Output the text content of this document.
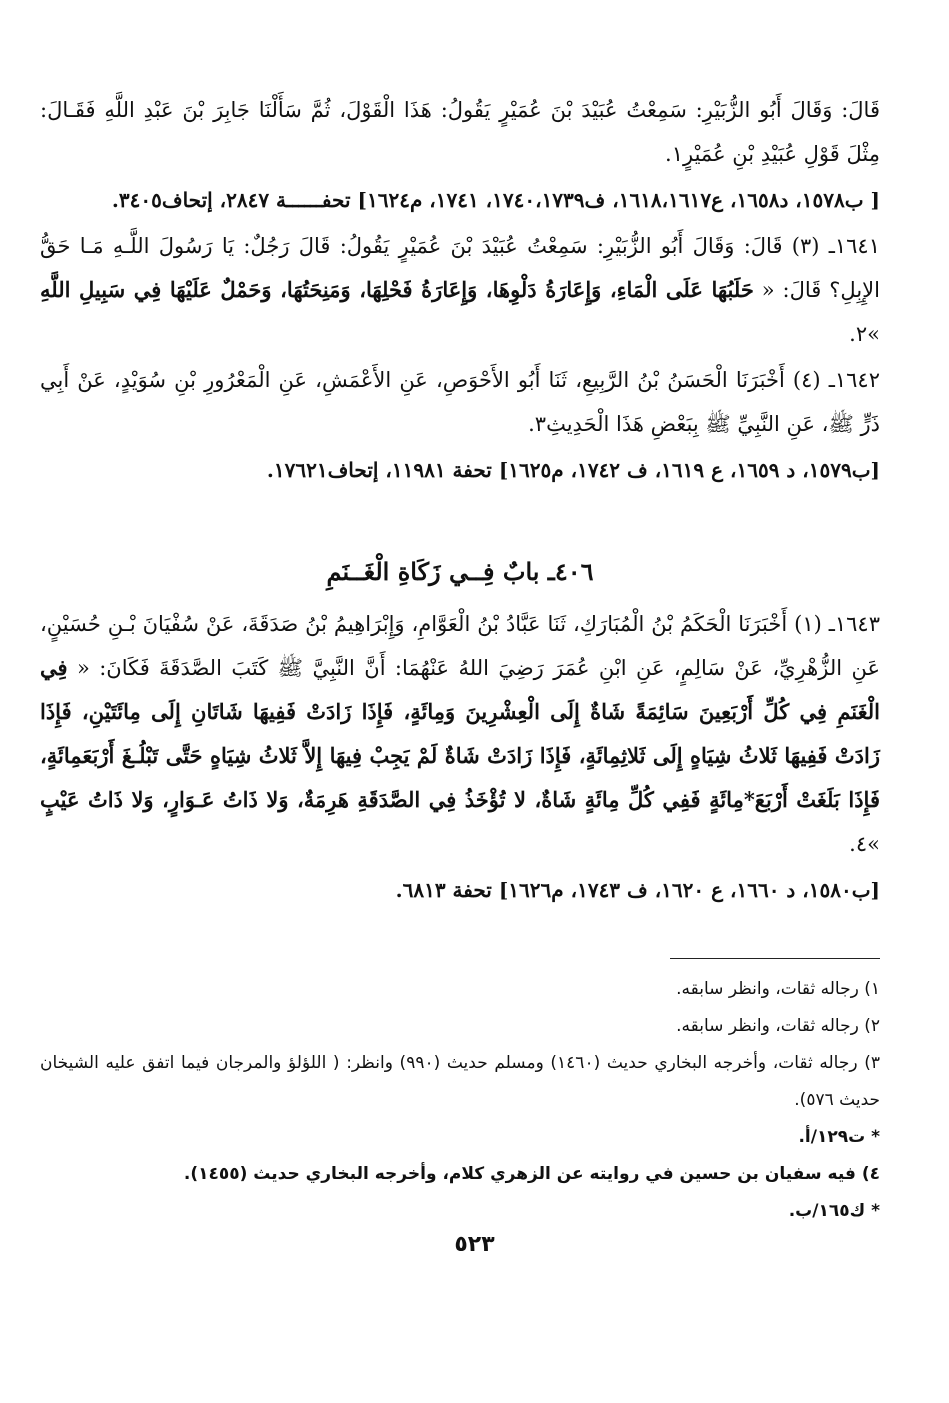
قَالَ: وَقَالَ أَبُو الزُّبَيْرِ: سَمِعْتُ عُبَيْدَ بْنَ عُمَيْرٍ يَقُولُ: هَذَا الْقَوْلَ، ثُمَّ سَأَلْنَا جَابِرَ بْنَ عَبْدِ اللَّهِ فَقَـالَ: مِثْلَ قَوْلِ عُبَيْدِ بْنِ عُمَيْرٍ١.

[ ب١٥٧٨، د١٦٥٨، ع١٦١٨،١٦١٧، ف١٧٤٠،١٧٣٩، ١٧٤١، م١٦٢٤] تحفــــــة ٢٨٤٧، إتحاف٣٤٠٥.

١٦٤١ـ (٣) قَالَ: وَقَالَ أَبُو الزُّبَيْرِ: سَمِعْتُ عُبَيْدَ بْنَ عُمَيْرٍ يَقُولُ: قَالَ رَجُلٌ: يَا رَسُولَ اللَّـهِ مَـا حَقُّ الإِبِلِ؟ قَالَ: « حَلَبُهَا عَلَى الْمَاءِ، وَإِعَارَةُ دَلْوِهَا، وَإِعَارَةُ فَحْلِهَا، وَمَنِحَتُهَا، وَحَمْلٌ عَلَيْهَا فِي سَبِيلِ اللَّهِ »٢.

١٦٤٢ـ (٤) أَخْبَرَنَا الْحَسَنُ بْنُ الرَّبِيعِ، ثَنَا أَبُو الأَحْوَصِ، عَنِ الأَعْمَشِ، عَنِ الْمَعْرُورِ بْنِ سُوَيْدٍ، عَنْ أَبِي ذَرٍّ ﷺ، عَنِ النَّبِيِّ ﷺ بِبَعْضِ هَذَا الْحَدِيثِ٣.

[ب١٥٧٩، د ١٦٥٩، ع ١٦١٩، ف ١٧٤٢، م١٦٢٥] تحفة ١١٩٨١، إتحاف١٧٦٢١.

٤٠٦ـ بابٌ فِــي زَكَاةِ الْغَــنَمِ

١٦٤٣ـ (١) أَخْبَرَنَا الْحَكَمُ بْنُ الْمُبَارَكِ، ثَنَا عَبَّادُ بْنُ الْعَوَّامِ، وَإِبْرَاهِيمُ بْنُ صَدَقَةَ، عَنْ سُفْيَانَ بْـنِ حُسَيْنٍ، عَنِ الزُّهْرِيِّ، عَنْ سَالِمٍ، عَنِ ابْنِ عُمَرَ رَضِيَ اللهُ عَنْهُمَا: أَنَّ النَّبِيَّ ﷺ كَتَبَ الصَّدَقَةَ فَكَانَ: « فِي الْغَنَمِ فِي كُلِّ أَرْبَعِينَ سَائِمَةً شَاةٌ إِلَى الْعِشْرِينَ وَمِائَةٍ، فَإِذَا زَادَتْ فَفِيهَا شَاتَانِ إِلَى مِائَتَيْنِ، فَإِذَا زَادَتْ فَفِيهَا ثَلاثُ شِيَاهٍ إِلَى ثَلاثِمِائَةٍ، فَإِذَا زَادَتْ شَاةٌ لَمْ يَجِبْ فِيهَا إِلاَّ ثَلاثُ شِيَاهٍ حَتَّى تَبْلُـغَ أَرْبَعَمِائَةٍ، فَإِذَا بَلَغَتْ أَرْبَعَ*مِائَةٍ فَفِي كُلِّ مِائَةٍ شَاةٌ، لا تُؤْخَذُ فِي الصَّدَقَةِ هَرِمَةٌ، وَلا ذَاتُ عَـوَارٍ، وَلا ذَاتُ عَيْبٍ »٤.

[ب١٥٨٠، د ١٦٦٠، ع ١٦٢٠، ف ١٧٤٣، م١٦٢٦] تحفة ٦٨١٣.

١) رجاله ثقات، وانظر سابقه.

٢) رجاله ثقات، وانظر سابقه.

٣) رجاله ثقات، وأخرجه البخاري حديث (١٤٦٠) ومسلم حديث (٩٩٠) وانظر: ( اللؤلؤ والمرجان فيما اتفق عليه الشيخان حديث ٥٧٦).

* ت١٢٩/أ.

٤) فيه سفيان بن حسين في روايته عن الزهري كلام، وأخرجه البخاري حديث (١٤٥٥).

* ك١٦٥/ب.

٥٢٣
